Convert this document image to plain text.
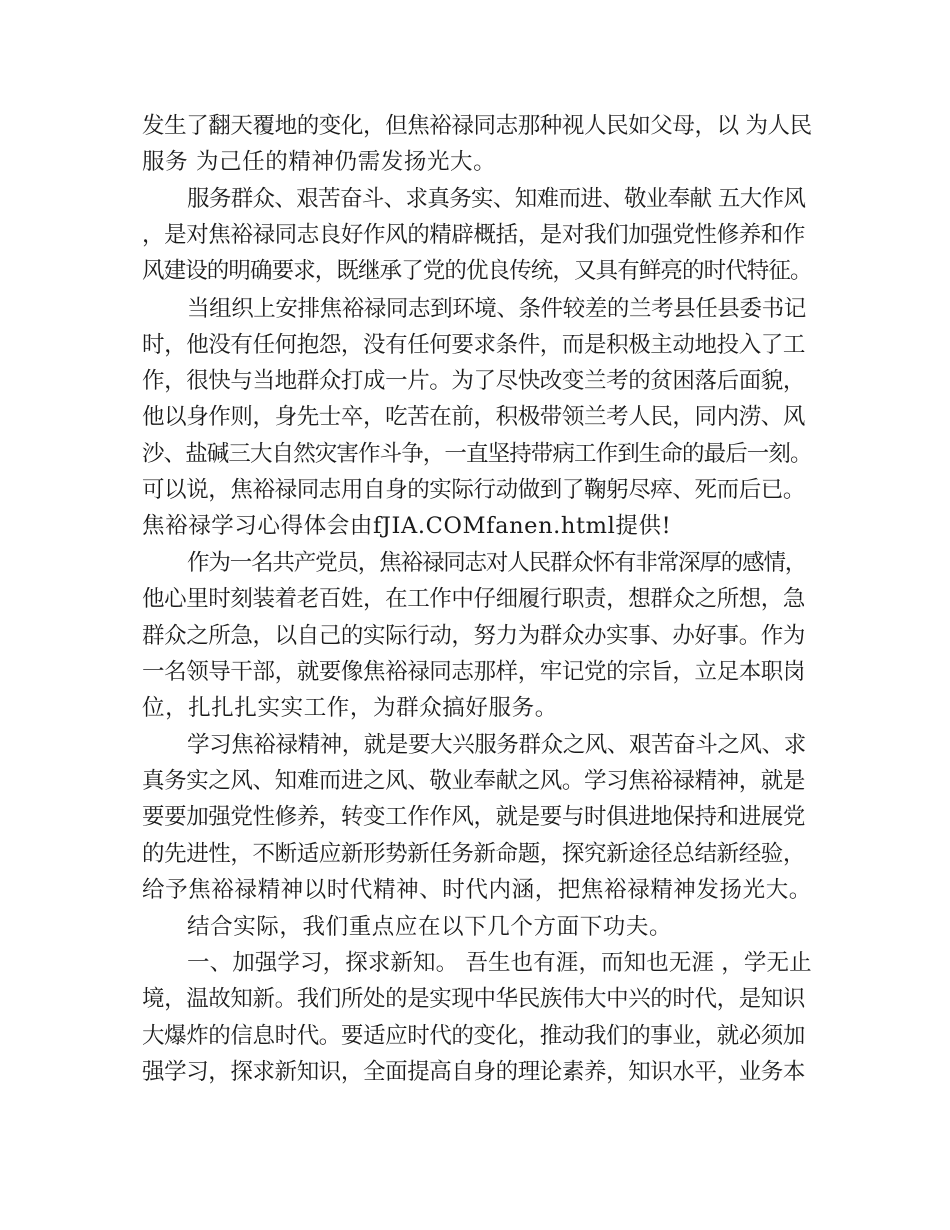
发生了翻天覆地的变化，但焦裕禄同志那种视人民如父母，以 为人民
服务 为己任的精神仍需发扬光大。
服务群众、艰苦奋斗、求真务实、知难而进、敬业奉献 五大作风
，是对焦裕禄同志良好作风的精辟概括，是对我们加强党性修养和作
风建设的明确要求，既继承了党的优良传统，又具有鲜亮的时代特征。
当组织上安排焦裕禄同志到环境、条件较差的兰考县任县委书记
时，他没有任何抱怨，没有任何要求条件，而是积极主动地投入了工
作，很快与当地群众打成一片。为了尽快改变兰考的贫困落后面貌，
他以身作则，身先士卒，吃苦在前，积极带领兰考人民，同内涝、风
沙、盐碱三大自然灾害作斗争，一直坚持带病工作到生命的最后一刻。
可以说，焦裕禄同志用自身的实际行动做到了鞠躬尽瘁、死而后已。
焦裕禄学习心得体会由fJIA.COMfanen.html提供!
作为一名共产党员，焦裕禄同志对人民群众怀有非常深厚的感情，
他心里时刻装着老百姓，在工作中仔细履行职责，想群众之所想，急
群众之所急，以自己的实际行动，努力为群众办实事、办好事。作为
一名领导干部，就要像焦裕禄同志那样，牢记党的宗旨，立足本职岗
位，扎扎扎实实工作，为群众搞好服务。
学习焦裕禄精神，就是要大兴服务群众之风、艰苦奋斗之风、求
真务实之风、知难而进之风、敬业奉献之风。学习焦裕禄精神，就是
要要加强党性修养，转变工作作风，就是要与时俱进地保持和进展党
的先进性，不断适应新形势新任务新命题，探究新途径总结新经验，
给予焦裕禄精神以时代精神、时代内涵，把焦裕禄精神发扬光大。
结合实际，我们重点应在以下几个方面下功夫。
一、加强学习，探求新知。 吾生也有涯，而知也无涯 ，学无止
境，温故知新。我们所处的是实现中华民族伟大中兴的时代，是知识
大爆炸的信息时代。要适应时代的变化，推动我们的事业，就必须加
强学习，探求新知识，全面提高自身的理论素养，知识水平，业务本
